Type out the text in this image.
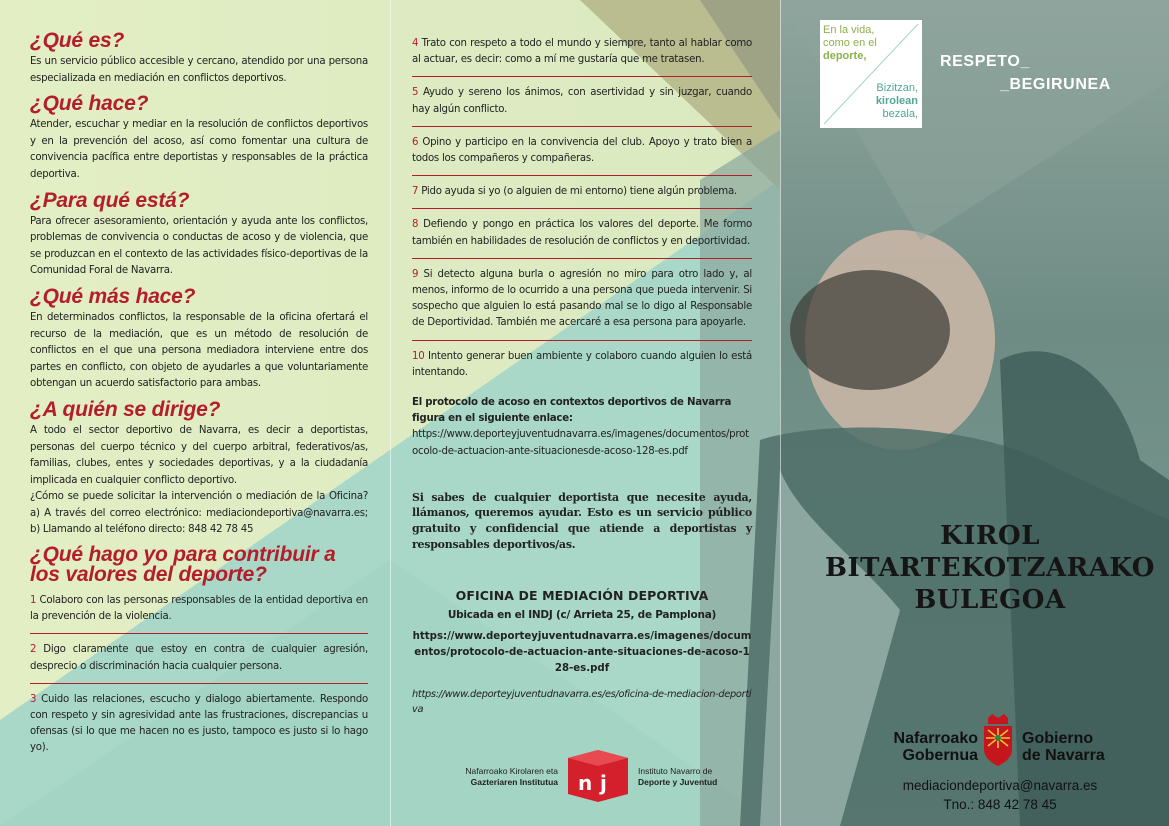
¿Qué es?

Es un servicio público accesible y cercano, atendido por una persona especializada en mediación en conflictos deportivos.

¿Qué hace?

Atender, escuchar y mediar en la resolución de conflictos deportivos y en la prevención del acoso, así como fomentar una cultura de convivencia pacífica entre deportistas y responsables de la práctica deportiva.

¿Para qué está?

Para ofrecer asesoramiento, orientación y ayuda ante los conflictos, problemas de convivencia o conductas de acoso y de violencia, que se produzcan en el contexto de las actividades físico-deportivas de la Comunidad Foral de Navarra.

¿Qué más hace?

En determinados conflictos, la responsable de la oficina ofertará el recurso de la mediación, que es un método de resolución de conflictos en el que una persona mediadora interviene entre dos partes en conflicto, con objeto de ayudarles a que voluntariamente obtengan un acuerdo satisfactorio para ambas.

¿A quién se dirige?

A todo el sector deportivo de Navarra, es decir a deportistas, personas del cuerpo técnico y del cuerpo arbitral, federativos/as, familias, clubes, entes y sociedades deportivas, y a la ciudadanía implicada en cualquier conflicto deportivo.

¿Cómo se puede solicitar la intervención o mediación de la Oficina? a) A través del correo electrónico: mediaciondeportiva@navarra.es; b) Llamando al teléfono directo: 848 42 78 45

¿Qué hago yo para contribuir a los valores del deporte?

1 Colaboro con las personas responsables de la entidad deportiva en la prevención de la violencia.

2 Digo claramente que estoy en contra de cualquier agresión, desprecio o discriminación hacia cualquier persona.

3 Cuido las relaciones, escucho y dialogo abiertamente. Respondo con respeto y sin agresividad ante las frustraciones, discrepancias u ofensas (si lo que me hacen no es justo, tampoco es justo si lo hago yo).

4 Trato con respeto a todo el mundo y siempre, tanto al hablar como al actuar, es decir: como a mí me gustaría que me tratasen.

5 Ayudo y sereno los ánimos, con asertividad y sin juzgar, cuando hay algún conflicto.

6 Opino y participo en la convivencia del club. Apoyo y trato bien a todos los compañeros y compañeras.

7 Pido ayuda si yo (o alguien de mi entorno) tiene algún problema.

8 Defiendo y pongo en práctica los valores del deporte. Me formo también en habilidades de resolución de conflictos y en deportividad.

9 Si detecto alguna burla o agresión no miro para otro lado y, al menos, informo de lo ocurrido a una persona que pueda intervenir. Si sospecho que alguien lo está pasando mal se lo digo al Responsable de Deportividad. También me acercaré a esa persona para apoyarle.

10 Intento generar buen ambiente y colaboro cuando alguien lo está intentando.

El protocolo de acoso en contextos deportivos de Navarra figura en el siguiente enlace:

https://www.deporteyjuventudnavarra.es/imagenes/documentos/protocolo-de-actuacion-ante-situacionesde-acoso-128-es.pdf

Si sabes de cualquier deportista que necesite ayuda, llámanos, queremos ayudar. Esto es un servicio público gratuito y confidencial que atiende a deportistas y responsables deportivos/as.

OFICINA DE MEDIACIÓN DEPORTIVA

Ubicada en el INDJ (c/ Arrieta 25, de Pamplona)

https://www.deporteyjuventudnavarra.es/imagenes/documentos/protocolo-de-actuacion-ante-situaciones-de-acoso-128-es.pdf
https://www.deporteyjuventudnavarra.es/es/oficina-de-mediacion-deportiva
Nafarroako Kirolaren eta
Gazteriaren Institutua n j	Instituto Navarro de
Deporte y Juventud
En la vida,
como en el
deporte,
Bizitzan,
kirolean
bezala,
RESPETO_
_BEGIRUNEA
KIROL
BITARTEKOTZARAKO
BULEGOA
Nafarroako
Gobernua
Gobierno
de Navarra
mediaciondeportiva@navarra.es
Tno.: 848 42 78 45
